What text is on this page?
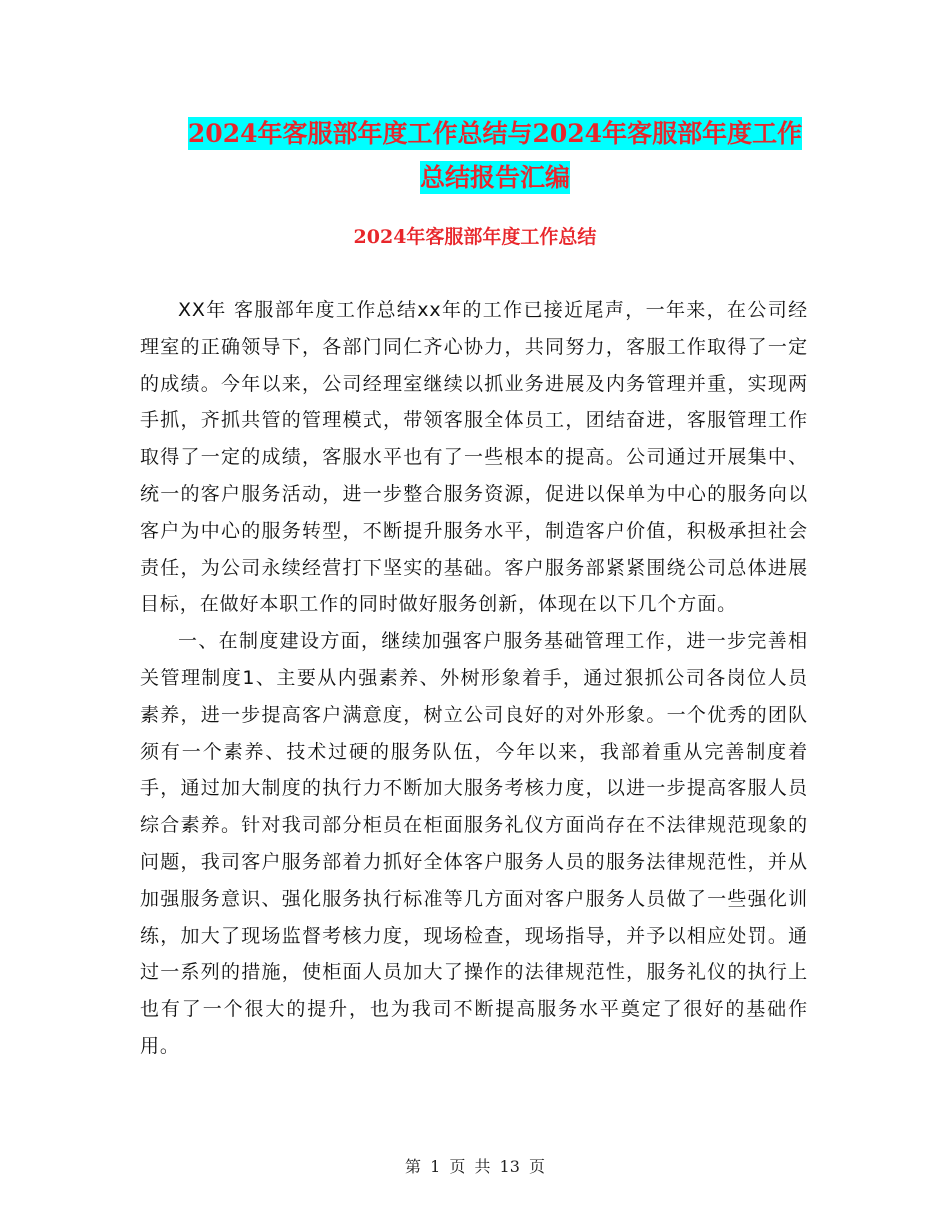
2024年客服部年度工作总结与2024年客服部年度工作
总结报告汇编
2024年客服部年度工作总结

XX年 客服部年度工作总结xx年的工作已接近尾声，一年来，在公司经理室的正确领导下，各部门同仁齐心协力，共同努力，客服工作取得了一定的成绩。今年以来，公司经理室继续以抓业务进展及内务管理并重，实现两手抓，齐抓共管的管理模式，带领客服全体员工，团结奋进，客服管理工作取得了一定的成绩，客服水平也有了一些根本的提高。公司通过开展集中、统一的客户服务活动，进一步整合服务资源，促进以保单为中心的服务向以客户为中心的服务转型，不断提升服务水平，制造客户价值，积极承担社会责任，为公司永续经营打下坚实的基础。客户服务部紧紧围绕公司总体进展目标，在做好本职工作的同时做好服务创新，体现在以下几个方面。

一、在制度建设方面，继续加强客户服务基础管理工作，进一步完善相关管理制度1、主要从内强素养、外树形象着手，通过狠抓公司各岗位人员素养，进一步提高客户满意度，树立公司良好的对外形象。一个优秀的团队须有一个素养、技术过硬的服务队伍，今年以来，我部着重从完善制度着手，通过加大制度的执行力不断加大服务考核力度，以进一步提高客服人员综合素养。针对我司部分柜员在柜面服务礼仪方面尚存在不法律规范现象的问题，我司客户服务部着力抓好全体客户服务人员的服务法律规范性，并从加强服务意识、强化服务执行标准等几方面对客户服务人员做了一些强化训练，加大了现场监督考核力度，现场检查，现场指导，并予以相应处罚。通过一系列的措施，使柜面人员加大了操作的法律规范性，服务礼仪的执行上也有了一个很大的提升，也为我司不断提高服务水平奠定了很好的基础作用。

第 1 页 共 13 页
